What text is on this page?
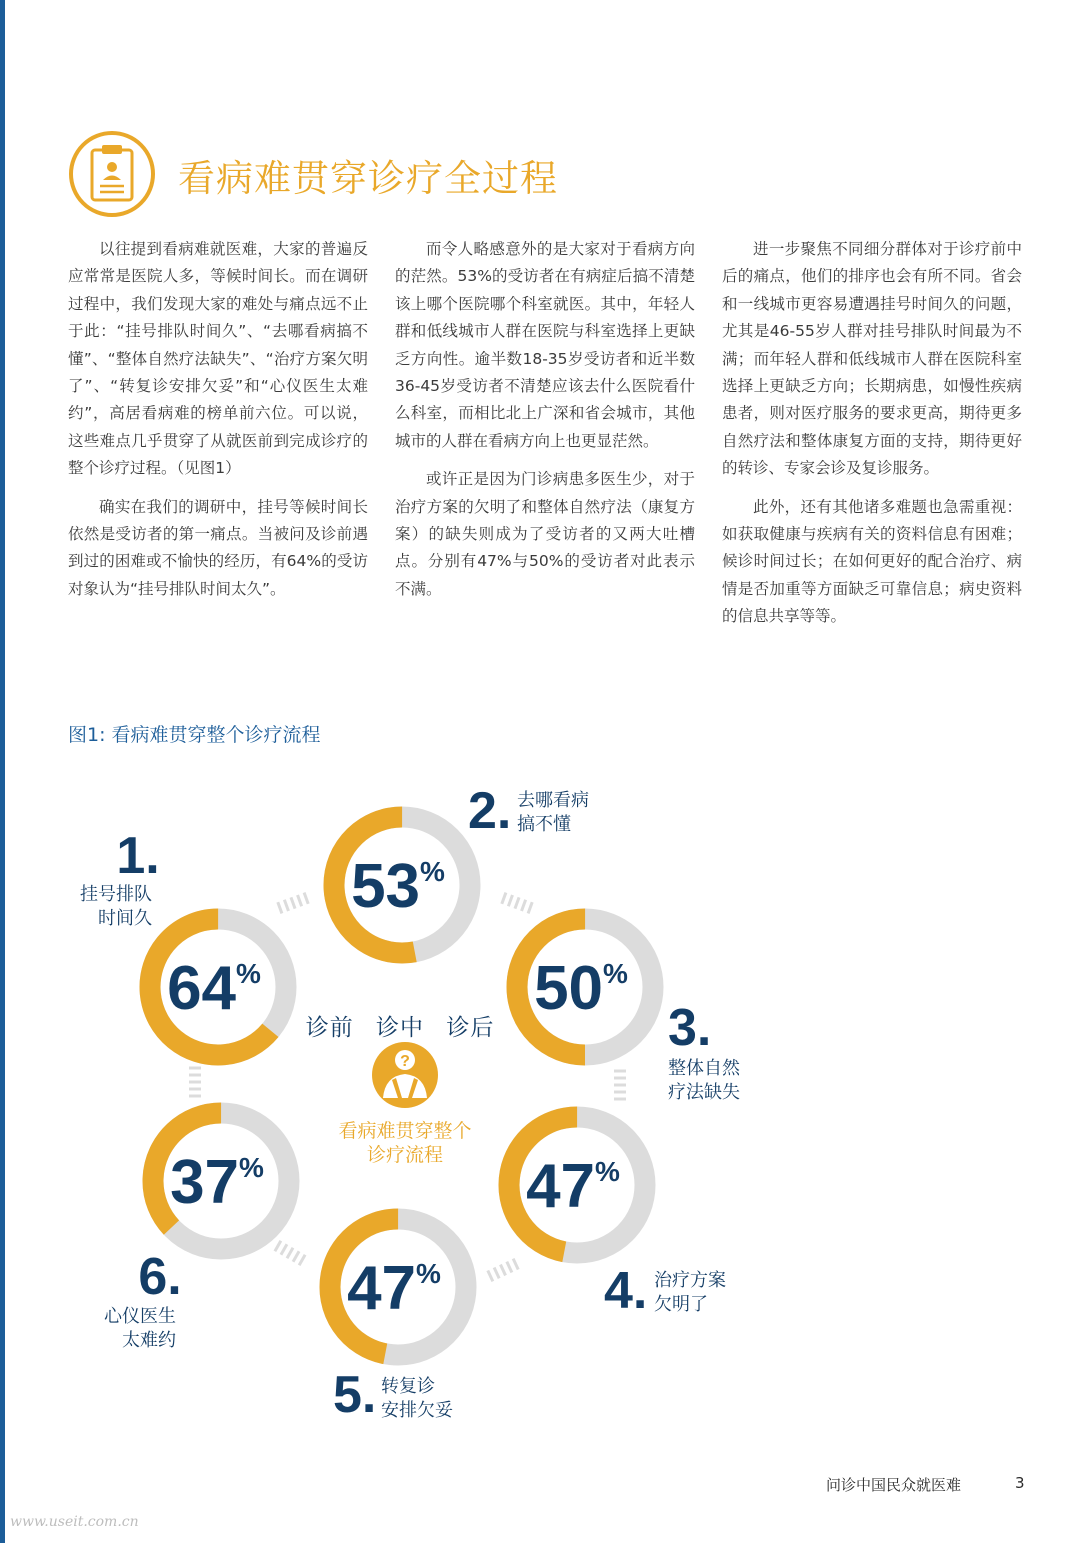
看病难贯穿诊疗全过程

以往提到看病难就医难，大家的普遍反应常常是医院人多，等候时间长。而在调研过程中，我们发现大家的难处与痛点远不止于此：“挂号排队时间久”、“去哪看病搞不懂”、“整体自然疗法缺失”、“治疗方案欠明了”、“转复诊安排欠妥”和“心仪医生太难约”，高居看病难的榜单前六位。可以说，这些难点几乎贯穿了从就医前到完成诊疗的整个诊疗过程。（见图1）

确实在我们的调研中，挂号等候时间长依然是受访者的第一痛点。当被问及诊前遇到过的困难或不愉快的经历，有64%的受访对象认为“挂号排队时间太久”。

而令人略感意外的是大家对于看病方向的茫然。53%的受访者在有病症后搞不清楚该上哪个医院哪个科室就医。其中，年轻人群和低线城市人群在医院与科室选择上更缺乏方向性。逾半数18-35岁受访者和近半数36-45岁受访者不清楚应该去什么医院看什么科室，而相比北上广深和省会城市，其他城市的人群在看病方向上也更显茫然。

或许正是因为门诊病患多医生少，对于治疗方案的欠明了和整体自然疗法（康复方案）的缺失则成为了受访者的又两大吐槽点。分别有47%与50%的受访者对此表示不满。

进一步聚焦不同细分群体对于诊疗前中后的痛点，他们的排序也会有所不同。省会和一线城市更容易遭遇挂号时间久的问题，尤其是46-55岁人群对挂号排队时间最为不满；而年轻人群和低线城市人群在医院科室选择上更缺乏方向；长期病患，如慢性疾病患者，则对医疗服务的要求更高，期待更多自然疗法和整体康复方面的支持，期待更好的转诊、专家会诊及复诊服务。

此外，还有其他诸多难题也急需重视：如获取健康与疾病有关的资料信息有困难；候诊时间过长；在如何更好的配合治疗、病情是否加重等方面缺乏可靠信息；病史资料的信息共享等等。

图1: 看病难贯穿整个诊疗流程
诊前 诊中 诊后
?
看病难贯穿整个
诊疗流程
64%
53%
50%
47%
47%
37%
1.
挂号排队
时间久
2. 去哪看病
搞不懂
3.
整体自然
疗法缺失
4. 治疗方案
欠明了
5. 转复诊
安排欠妥
6.
心仪医生
太难约
问诊中国民众就医难	3
www.useit.com.cn
